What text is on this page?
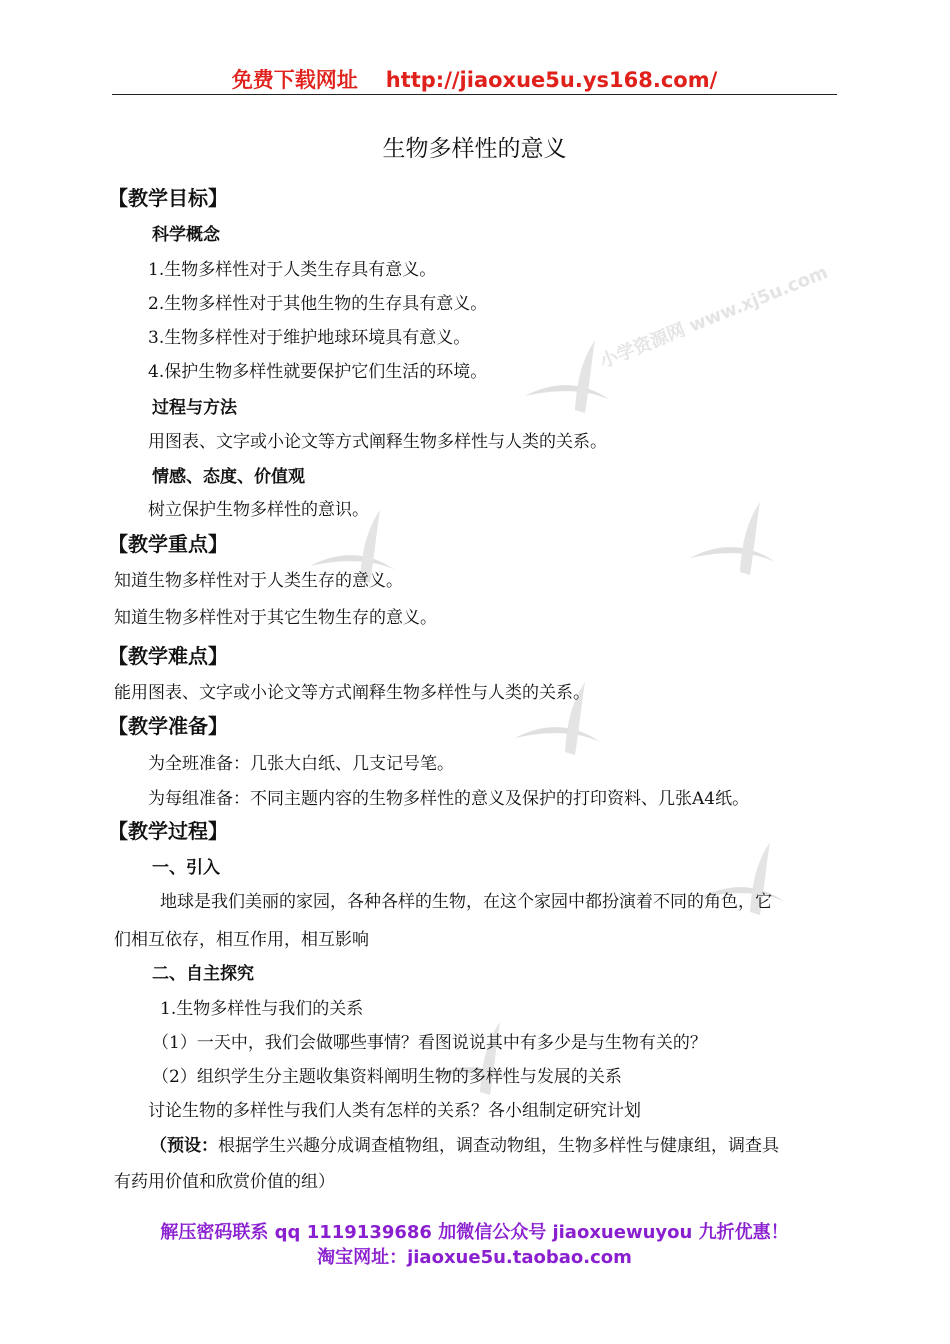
小学资源网 www.xj5u.com
免费下载网址 http://jiaoxue5u.ys168.com/
生物多样性的意义
【教学目标】
科学概念
1.生物多样性对于人类生存具有意义。
2.生物多样性对于其他生物的生存具有意义。
3.生物多样性对于维护地球环境具有意义。
4.保护生物多样性就要保护它们生活的环境。
过程与方法
用图表、文字或小论文等方式阐释生物多样性与人类的关系。
情感、态度、价值观
树立保护生物多样性的意识。
【教学重点】
知道生物多样性对于人类生存的意义。
知道生物多样性对于其它生物生存的意义。
【教学难点】
能用图表、文字或小论文等方式阐释生物多样性与人类的关系。
【教学准备】
为全班准备：几张大白纸、几支记号笔。
为每组准备：不同主题内容的生物多样性的意义及保护的打印资料、几张A4纸。
【教学过程】
一、引入
地球是我们美丽的家园，各种各样的生物，在这个家园中都扮演着不同的角色，它
们相互依存，相互作用，相互影响
二、自主探究
1.生物多样性与我们的关系
（1）一天中，我们会做哪些事情？看图说说其中有多少是与生物有关的？
（2）组织学生分主题收集资料阐明生物的多样性与发展的关系
讨论生物的多样性与我们人类有怎样的关系？各小组制定研究计划
（预设：根据学生兴趣分成调查植物组，调查动物组，生物多样性与健康组，调查具
有药用价值和欣赏价值的组）
解压密码联系 qq 1119139686 加微信公众号 jiaoxuewuyou 九折优惠！
淘宝网址：jiaoxue5u.taobao.com
